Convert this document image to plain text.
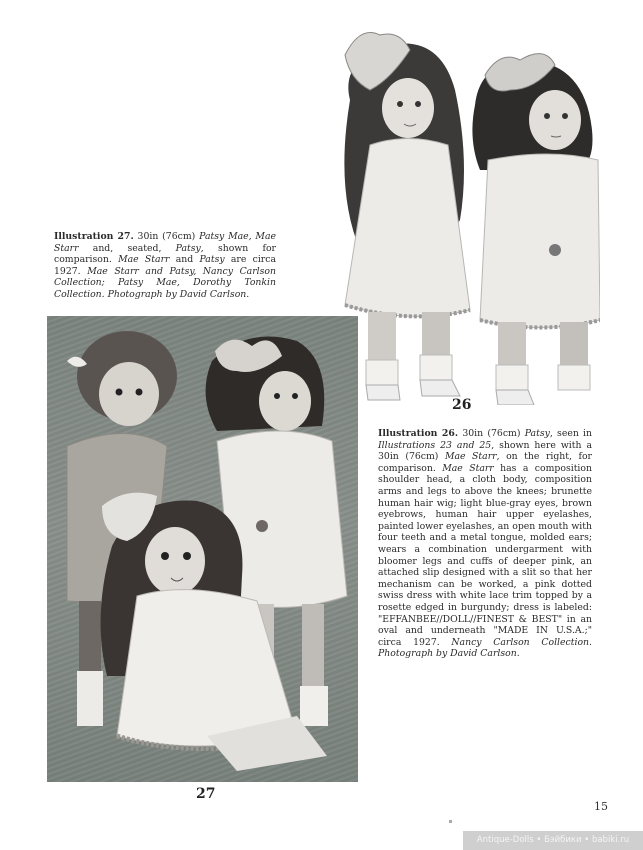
26
Illustration 27. 30in (76cm) Patsy Mae, Mae Starr and, seated, Patsy, shown for comparison. Mae Starr and Patsy are circa 1927. Mae Starr and Patsy, Nancy Carlson Collection; Patsy Mae, Dorothy Tonkin Collection. Photograph by David Carlson.
27
Illustration 26. 30in (76cm) Patsy, seen in Illustrations 23 and 25, shown here with a 30in (76cm) Mae Starr, on the right, for comparison. Mae Starr has a composition shoulder head, a cloth body, composition arms and legs to above the knees; brunette human hair wig; light blue-gray eyes, brown eyebrows, human hair upper eyelashes, painted lower eyelashes, an open mouth with four teeth and a metal tongue, molded ears; wears a combination undergarment with bloomer legs and cuffs of deeper pink, an attached slip designed with a slit so that her mechanism can be worked, a pink dotted swiss dress with white lace trim topped by a rosette edged in burgundy; dress is labeled: "EFFANBEE//DOLL//FINEST & BEST" in an oval and underneath "MADE IN U.S.A.;" circa 1927. Nancy Carlson Collection. Photograph by David Carlson.
15
Antique-Dolls • Бэйбики • babiki.ru
